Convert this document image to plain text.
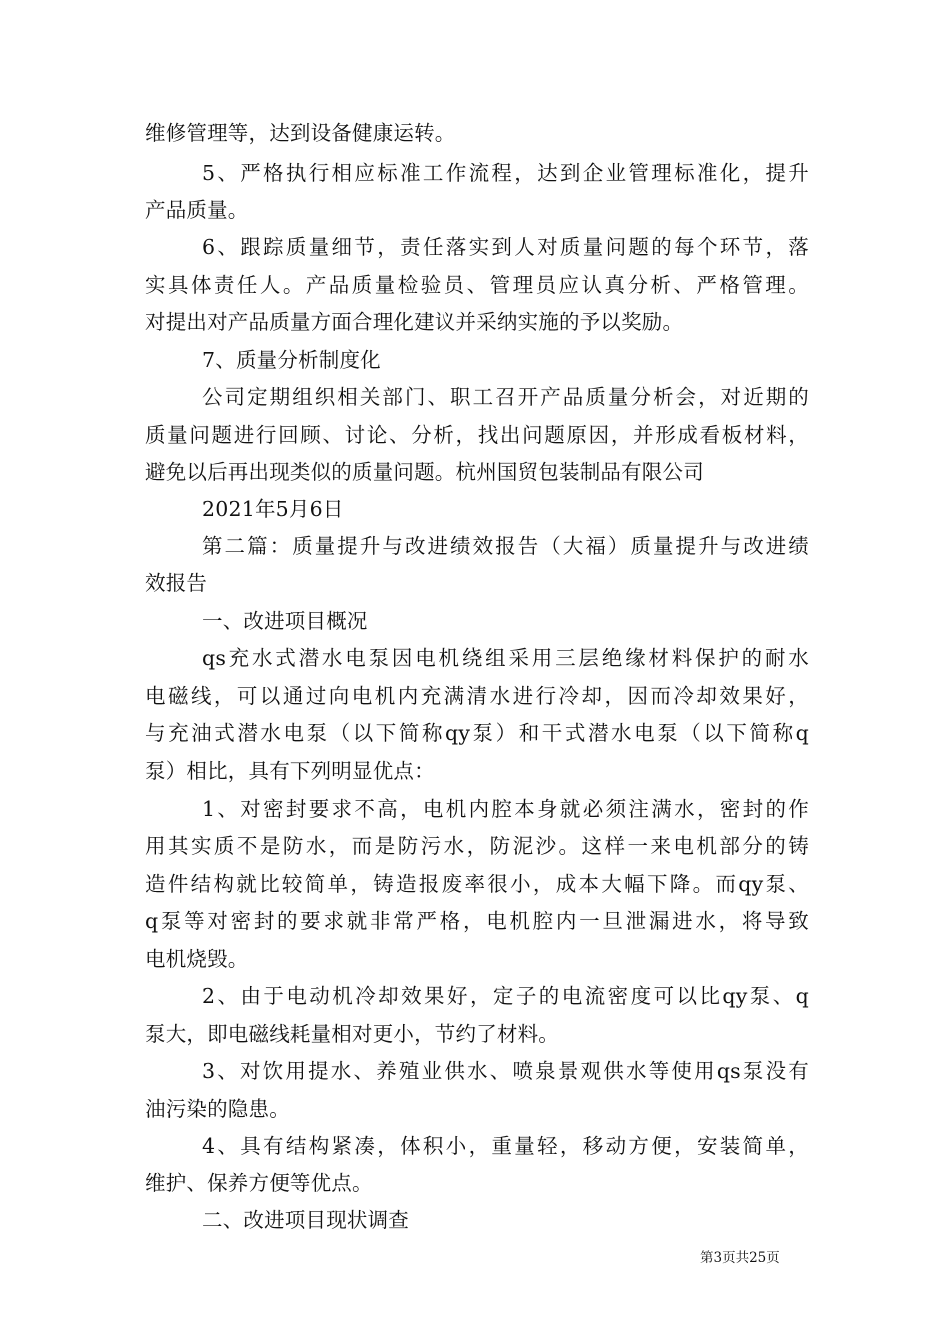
维修管理等，达到设备健康运转。
5、严格执行相应标准工作流程，达到企业管理标准化，提升
产品质量。
6、跟踪质量细节，责任落实到人对质量问题的每个环节，落
实具体责任人。产品质量检验员、管理员应认真分析、严格管理。
对提出对产品质量方面合理化建议并采纳实施的予以奖励。
7、质量分析制度化
公司定期组织相关部门、职工召开产品质量分析会，对近期的
质量问题进行回顾、讨论、分析，找出问题原因，并形成看板材料，
避免以后再出现类似的质量问题。杭州国贸包装制品有限公司
2021年5月6日
第二篇：质量提升与改进绩效报告（大福）质量提升与改进绩
效报告
一、改进项目概况
qs充水式潜水电泵因电机绕组采用三层绝缘材料保护的耐水
电磁线，可以通过向电机内充满清水进行冷却，因而冷却效果好，
与充油式潜水电泵（以下简称qy泵）和干式潜水电泵（以下简称q
泵）相比，具有下列明显优点：
1、对密封要求不高，电机内腔本身就必须注满水，密封的作
用其实质不是防水，而是防污水，防泥沙。这样一来电机部分的铸
造件结构就比较简单，铸造报废率很小，成本大幅下降。而qy泵、
q泵等对密封的要求就非常严格，电机腔内一旦泄漏进水，将导致
电机烧毁。
2、由于电动机冷却效果好，定子的电流密度可以比qy泵、q
泵大，即电磁线耗量相对更小，节约了材料。
3、对饮用提水、养殖业供水、喷泉景观供水等使用qs泵没有
油污染的隐患。
4、具有结构紧凑，体积小，重量轻，移动方便，安装简单，
维护、保养方便等优点。
二、改进项目现状调查
第3页共25页
